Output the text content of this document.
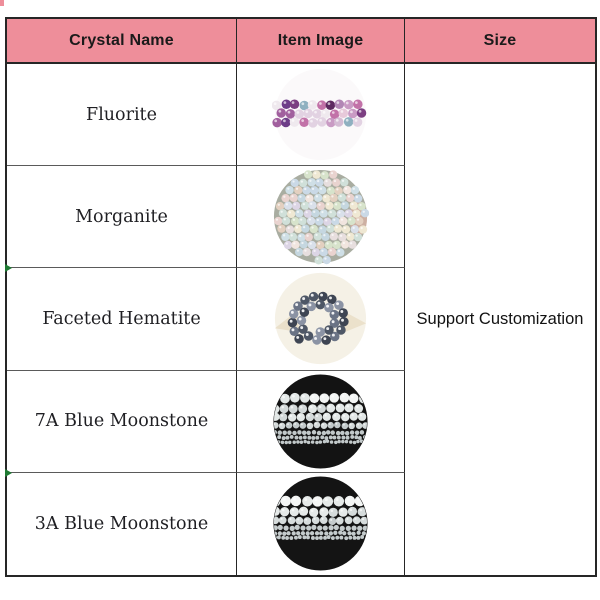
Crystal Name	Item Image	Size
Support Customization
Fluorite
Morganite
Faceted Hematite
7A Blue Moonstone
3A Blue Moonstone
